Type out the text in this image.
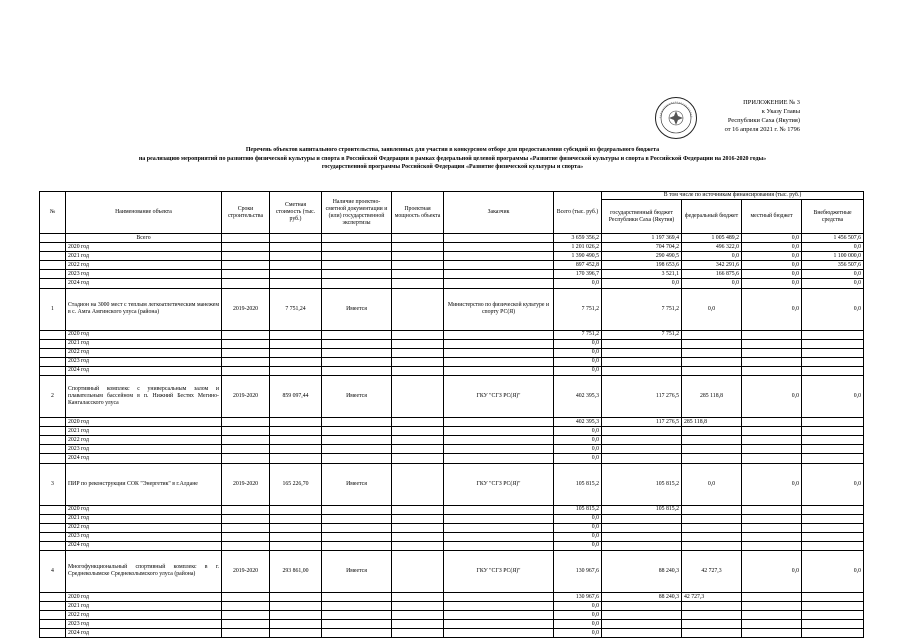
ПРИЛОЖЕНИЕ № 3
к Указу Главы
Республики Саха (Якутия)
от 16 апреля 2021 г. № 1796
Перечень объектов капитального строительства, заявленных для участия в конкурсном отборе для предоставления субсидий из федерального бюджета
на реализацию мероприятий по развитию физической культуры и спорта в Российской Федерации в рамках федеральной целевой программы «Развитие физической культуры и спорта в Российской Федерации на 2016-2020 годы»
государственной программы Российской Федерации «Развитие физической культуры и спорта»
№	Наименование объекта	Сроки строительства	Сметная стоимость (тыс. руб.)	Наличие проектно-сметной документации и (или) государственной экспертизы	Проектная мощность объекта	Заказчик	Всего (тыс. руб.)	В том числе по источникам финансирования (тыс. руб.)			
								государственный бюджет Республики Саха (Якутия)	федеральный бюджет	местный бюджет	Внебюджетные средства
	Всего						3 659 356,2	1 197 369,4	1 005 489,2	0,0	1 456 507,6
	2020 год						1 201 026,2	704 704,2	496 322,0	0,0	0,0
	2021 год						1 390 490,5	290 490,5	0,0	0,0	1 100 000,0
	2022 год						897 452,8	198 653,6	342 291,6	0,0	356 507,6
	2023 год						170 396,7	3 521,1	166 875,6	0,0	0,0
	2024 год						0,0	0,0	0,0	0,0	0,0
1	Стадион на 3000 мест с теплым легкоатлетическим манежем в с. Амга Амгинского улуса (района)	2019-2020	7 751,24	Имеется		Министерство по физической культуре и спорту РС(Я)	7 751,2	7 751,2	0,0	0,0	0,0
	2020 год						7 751,2	7 751,2			
	2021 год						0,0				
	2022 год						0,0				
	2023 год						0,0				
	2024 год						0,0				
2	Спортивный комплекс с универсальным залом и плавательным бассейном в п. Нижний Бестях Мегино-Кангаласского улуса	2019-2020	859 097,44	Имеется		ГКУ "СГЗ РС(Я)"	402 395,3	117 276,5	285 118,8	0,0	0,0
	2020 год						402 395,3	117 276,5	285 118,8		
	2021 год						0,0				
	2022 год						0,0				
	2023 год						0,0				
	2024 год						0,0				
3	ПИР по реконструкции СОК "Энергетик" в г.Алдане	2019-2020	165 226,70	Имеется		ГКУ "СГЗ РС(Я)"	105 815,2	105 815,2	0,0	0,0	0,0
	2020 год						105 815,2	105 815,2			
	2021 год						0,0				
	2022 год						0,0				
	2023 год						0,0				
	2024 год						0,0				
4	Многофункциональный спортивный комплекс в г. Среднеколымске Среднеколымского улуса (района)	2019-2020	293 861,00	Имеется		ГКУ "СГЗ РС(Я)"	130 967,6	88 240,3	42 727,3	0,0	0,0
	2020 год						130 967,6	88 240,3	42 727,3		
	2021 год						0,0				
	2022 год						0,0				
	2023 год						0,0				
	2024 год						0,0				
